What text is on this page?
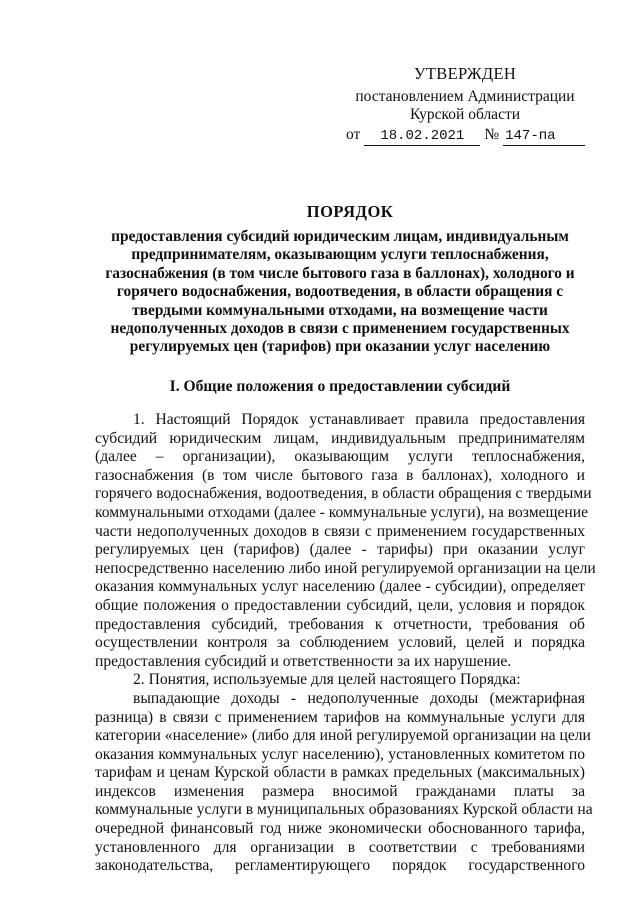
УТВЕРЖДЕН
постановлением Администрации
Курской области
от	18.02.2021	№ 147-па
ПОРЯДОК
предоставления субсидий юридическим лицам, индивидуальным
предпринимателям, оказывающим услуги теплоснабжения,
газоснабжения (в том числе бытового газа в баллонах), холодного и
горячего водоснабжения, водоотведения, в области обращения с
твердыми коммунальными отходами, на возмещение части
недополученных доходов в связи с применением государственных
регулируемых цен (тарифов) при оказании услуг населению
I. Общие положения о предоставлении субсидий
1. Настоящий Порядок устанавливает правила предоставления
субсидий юридическим лицам, индивидуальным предпринимателям
(далее – организации), оказывающим услуги теплоснабжения,
газоснабжения (в том числе бытового газа в баллонах), холодного и
горячего водоснабжения, водоотведения, в области обращения с твердыми
коммунальными отходами (далее - коммунальные услуги), на возмещение
части недополученных доходов в связи с применением государственных
регулируемых цен (тарифов) (далее - тарифы) при оказании услуг
непосредственно населению либо иной регулируемой организации на цели
оказания коммунальных услуг населению (далее - субсидии), определяет
общие положения о предоставлении субсидий, цели, условия и порядок
предоставления субсидий, требования к отчетности, требования об
осуществлении контроля за соблюдением условий, целей и порядка
предоставления субсидий и ответственности за их нарушение.
2. Понятия, используемые для целей настоящего Порядка:
выпадающие доходы - недополученные доходы (межтарифная
разница) в связи с применением тарифов на коммунальные услуги для
категории «население» (либо для иной регулируемой организации на цели
оказания коммунальных услуг населению), установленных комитетом по
тарифам и ценам Курской области в рамках предельных (максимальных)
индексов изменения размера вносимой гражданами платы за
коммунальные услуги в муниципальных образованиях Курской области на
очередной финансовый год ниже экономически обоснованного тарифа,
установленного для организации в соответствии с требованиями
законодательства, регламентирующего порядок государственного
